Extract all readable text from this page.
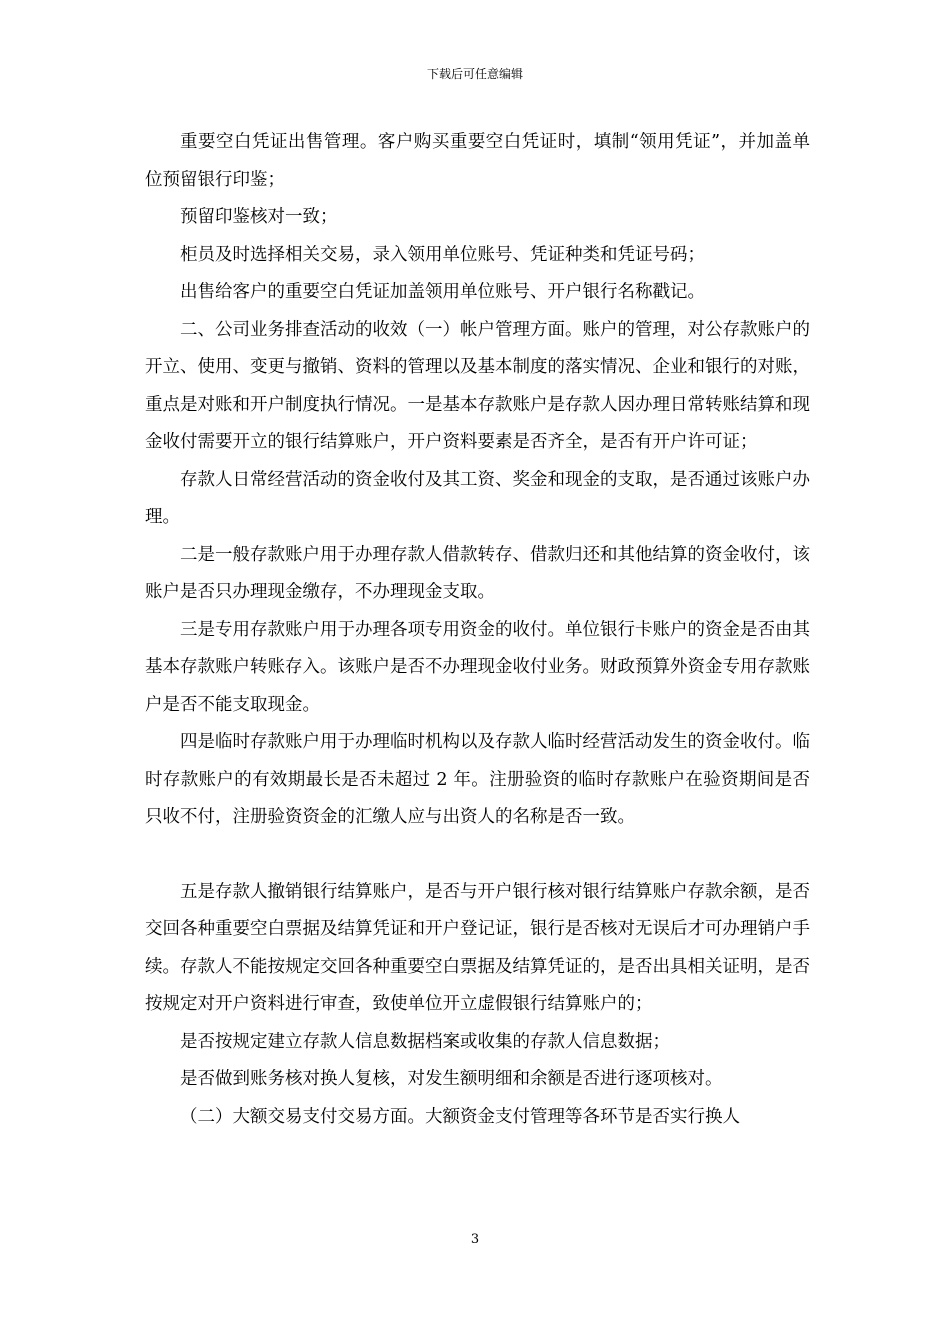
下载后可任意编辑

重要空白凭证出售管理。客户购买重要空白凭证时，填制“领用凭证”，并加盖单位预留银行印鉴；

预留印鉴核对一致；

柜员及时选择相关交易，录入领用单位账号、凭证种类和凭证号码；

出售给客户的重要空白凭证加盖领用单位账号、开户银行名称戳记。

二、公司业务排查活动的收效（一）帐户管理方面。账户的管理，对公存款账户的开立、使用、变更与撤销、资料的管理以及基本制度的落实情况、企业和银行的对账，重点是对账和开户制度执行情况。一是基本存款账户是存款人因办理日常转账结算和现金收付需要开立的银行结算账户，开户资料要素是否齐全，是否有开户许可证；

存款人日常经营活动的资金收付及其工资、奖金和现金的支取，是否通过该账户办理。

二是一般存款账户用于办理存款人借款转存、借款归还和其他结算的资金收付，该账户是否只办理现金缴存，不办理现金支取。

三是专用存款账户用于办理各项专用资金的收付。单位银行卡账户的资金是否由其基本存款账户转账存入。该账户是否不办理现金收付业务。财政预算外资金专用存款账户是否不能支取现金。

四是临时存款账户用于办理临时机构以及存款人临时经营活动发生的资金收付。临时存款账户的有效期最长是否未超过 2 年。注册验资的临时存款账户在验资期间是否只收不付，注册验资资金的汇缴人应与出资人的名称是否一致。

五是存款人撤销银行结算账户，是否与开户银行核对银行结算账户存款余额，是否交回各种重要空白票据及结算凭证和开户登记证，银行是否核对无误后才可办理销户手续。存款人不能按规定交回各种重要空白票据及结算凭证的，是否出具相关证明，是否按规定对开户资料进行审查，致使单位开立虚假银行结算账户的；

是否按规定建立存款人信息数据档案或收集的存款人信息数据；

是否做到账务核对换人复核，对发生额明细和余额是否进行逐项核对。

（二）大额交易支付交易方面。大额资金支付管理等各环节是否实行换人

3
